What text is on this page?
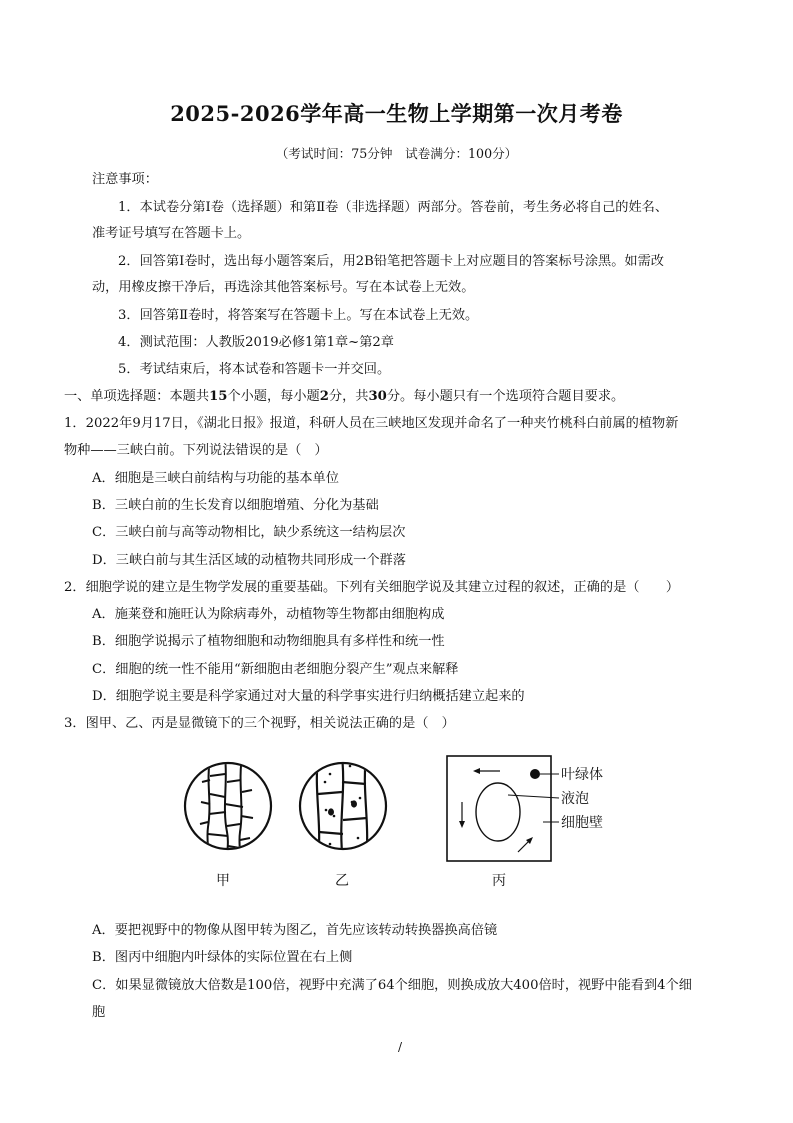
2025-2026学年高一生物上学期第一次月考卷
（考试时间：75分钟　试卷满分：100分）
注意事项：
1．本试卷分第Ⅰ卷（选择题）和第Ⅱ卷（非选择题）两部分。答卷前，考生务必将自己的姓名、
准考证号填写在答题卡上。
2．回答第Ⅰ卷时，选出每小题答案后，用2B铅笔把答题卡上对应题目的答案标号涂黑。如需改
动，用橡皮擦干净后，再选涂其他答案标号。写在本试卷上无效。
3．回答第Ⅱ卷时，将答案写在答题卡上。写在本试卷上无效。
4．测试范围：人教版2019必修1第1章~第2章
5．考试结束后，将本试卷和答题卡一并交回。
一、单项选择题：本题共15个小题，每小题2分，共30分。每小题只有一个选项符合题目要求。
1．2022年9月17日，《湖北日报》报道，科研人员在三峡地区发现并命名了一种夹竹桃科白前属的植物新
物种——三峡白前。下列说法错误的是（　）
A．细胞是三峡白前结构与功能的基本单位
B．三峡白前的生长发育以细胞增殖、分化为基础
C．三峡白前与高等动物相比，缺少系统这一结构层次
D．三峡白前与其生活区域的动植物共同形成一个群落
2．细胞学说的建立是生物学发展的重要基础。下列有关细胞学说及其建立过程的叙述，正确的是（　　）
A．施莱登和施旺认为除病毒外，动植物等生物都由细胞构成
B．细胞学说揭示了植物细胞和动物细胞具有多样性和统一性
C．细胞的统一性不能用“新细胞由老细胞分裂产生”观点来解释
D．细胞学说主要是科学家通过对大量的科学事实进行归纳概括建立起来的
3．图甲、乙、丙是显微镜下的三个视野，相关说法正确的是（　）
甲	乙	丙
叶绿体
液泡
细胞壁
A．要把视野中的物像从图甲转为图乙，首先应该转动转换器换高倍镜
B．图丙中细胞内叶绿体的实际位置在右上侧
C．如果显微镜放大倍数是100倍，视野中充满了64个细胞，则换成放大400倍时，视野中能看到4个细
胞
/
